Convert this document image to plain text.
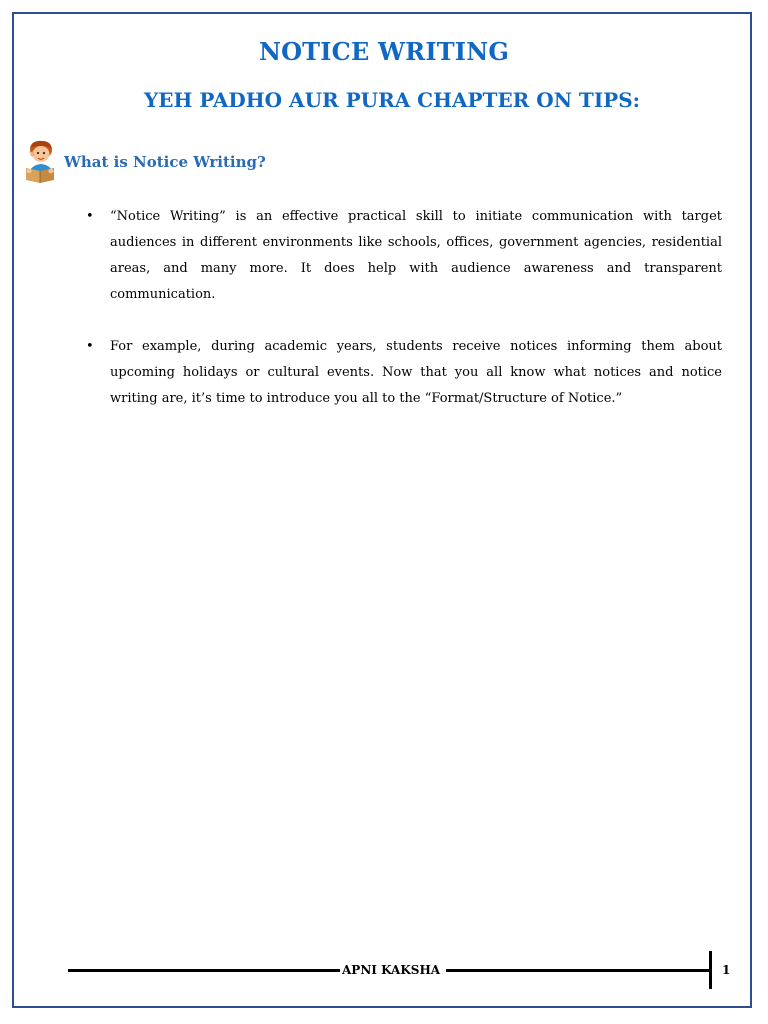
NOTICE WRITING
YEH PADHO AUR PURA CHAPTER ON TIPS:
What is Notice Writing?
•	“Notice Writing” is an effective practical skill to initiate communication with target audiences in different environments like schools, offices, government agencies, residential areas, and many more. It does help with audience awareness and transparent communication.
•	For example, during academic years, students receive notices informing them about upcoming holidays or cultural events. Now that you all know what notices and notice writing are, it’s time to introduce you all to the “Format/Structure of Notice.”
APNI KAKSHA	1
